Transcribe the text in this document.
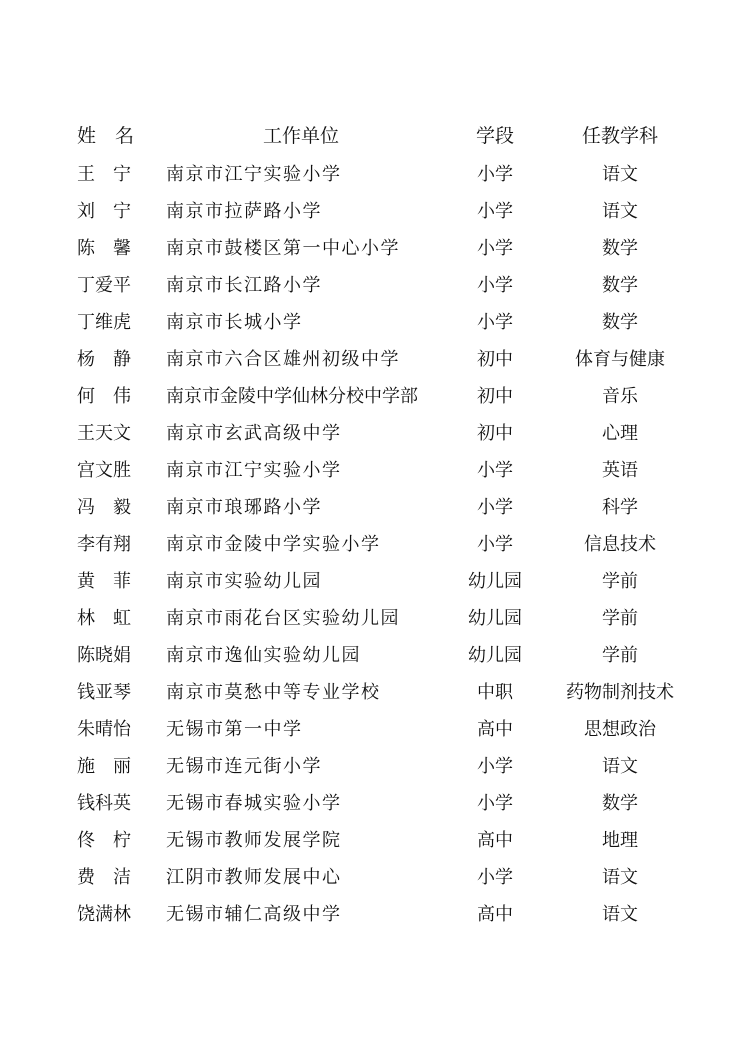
姓　名	工作单位	学段	任教学科
王　宁	南京市江宁实验小学	小学	语文
刘　宁	南京市拉萨路小学	小学	语文
陈　馨	南京市鼓楼区第一中心小学	小学	数学
丁爱平	南京市长江路小学	小学	数学
丁维虎	南京市长城小学	小学	数学
杨　静	南京市六合区雄州初级中学	初中	体育与健康
何　伟	南京市金陵中学仙林分校中学部	初中	音乐
王天文	南京市玄武高级中学	初中	心理
宫文胜	南京市江宁实验小学	小学	英语
冯　毅	南京市琅琊路小学	小学	科学
李有翔	南京市金陵中学实验小学	小学	信息技术
黄　菲	南京市实验幼儿园	幼儿园	学前
林　虹	南京市雨花台区实验幼儿园	幼儿园	学前
陈晓娟	南京市逸仙实验幼儿园	幼儿园	学前
钱亚琴	南京市莫愁中等专业学校	中职	药物制剂技术
朱晴怡	无锡市第一中学	高中	思想政治
施　丽	无锡市连元街小学	小学	语文
钱科英	无锡市春城实验小学	小学	数学
佟　柠	无锡市教师发展学院	高中	地理
费　洁	江阴市教师发展中心	小学	语文
饶满林	无锡市辅仁高级中学	高中	语文
